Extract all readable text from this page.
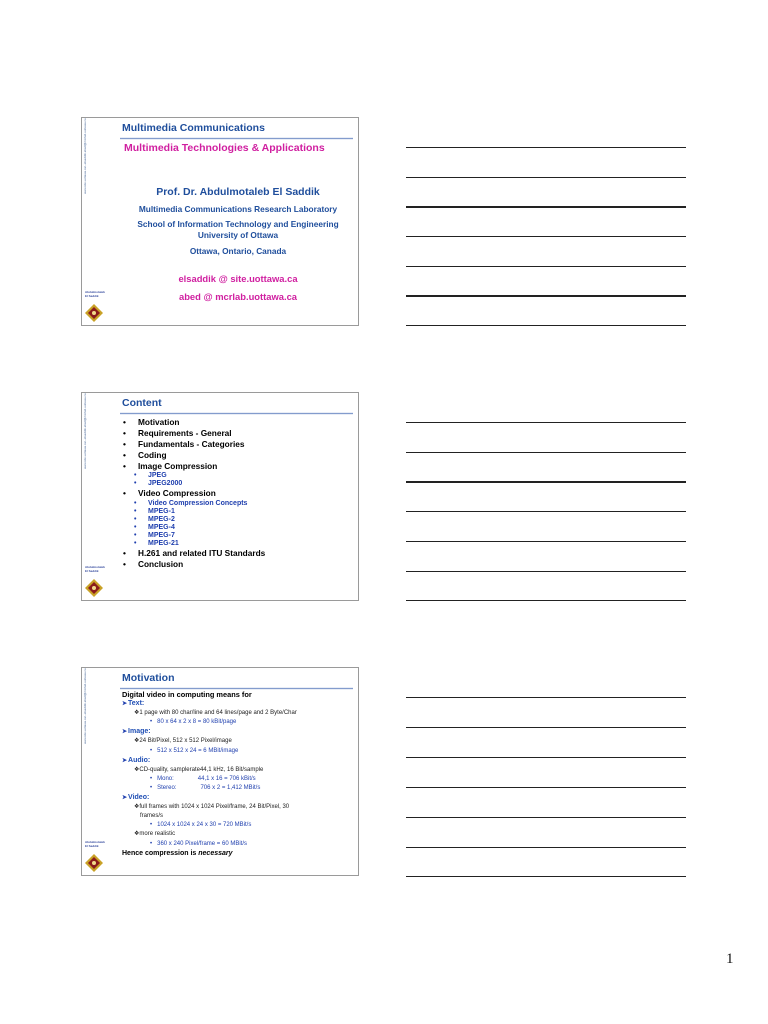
www.site.uottawa.ca/~elsaddik abed@mcrlab.uottawa.ca
Abdulmotaleb El Saddik
Multimedia Communications
Multimedia Technologies & Applications
Prof. Dr. Abdulmotaleb El Saddik
Multimedia Communications Research Laboratory
School of Information Technology and Engineering
University of Ottawa
Ottawa, Ontario, Canada
elsaddik @ site.uottawa.ca
abed @ mcrlab.uottawa.ca
www.site.uottawa.ca/~elsaddik abed@mcrlab.uottawa.ca
Abdulmotaleb El Saddik
Content
• Motivation
• Requirements - General
• Fundamentals - Categories
• Coding
• Image Compression
• JPEG
• JPEG2000
• Video Compression
• Video Compression Concepts
• MPEG-1
• MPEG-2
• MPEG-4
• MPEG-7
• MPEG-21
• H.261 and related ITU Standards
• Conclusion
www.site.uottawa.ca/~elsaddik abed@mcrlab.uottawa.ca
Abdulmotaleb El Saddik
Motivation
Digital video in computing means for
➤ Text:
❖ 1 page with 80 char/line and 64 lines/page and 2 Byte/Char
• 80 x 64 x 2 x 8 = 80 kBit/page
➤ Image:
❖ 24 Bit/Pixel, 512 x 512 Pixel/image
• 512 x 512 x 24 = 6 MBit/image
➤ Audio:
❖ CD-quality, samplerate44,1 kHz, 16 Bit/sample
• Mono:	44,1 x 16 = 706 kBit/s
• Stereo:	706 x 2 = 1,412 MBit/s
➤ Video:
❖ full frames with 1024 x 1024 Pixel/frame, 24 Bit/Pixel, 30
frames/s
• 1024 x 1024 x 24 x 30 = 720 MBit/s
❖ more realistic
• 360 x 240 Pixel/frame = 60 MBit/s
Hence compression is necessary
1
